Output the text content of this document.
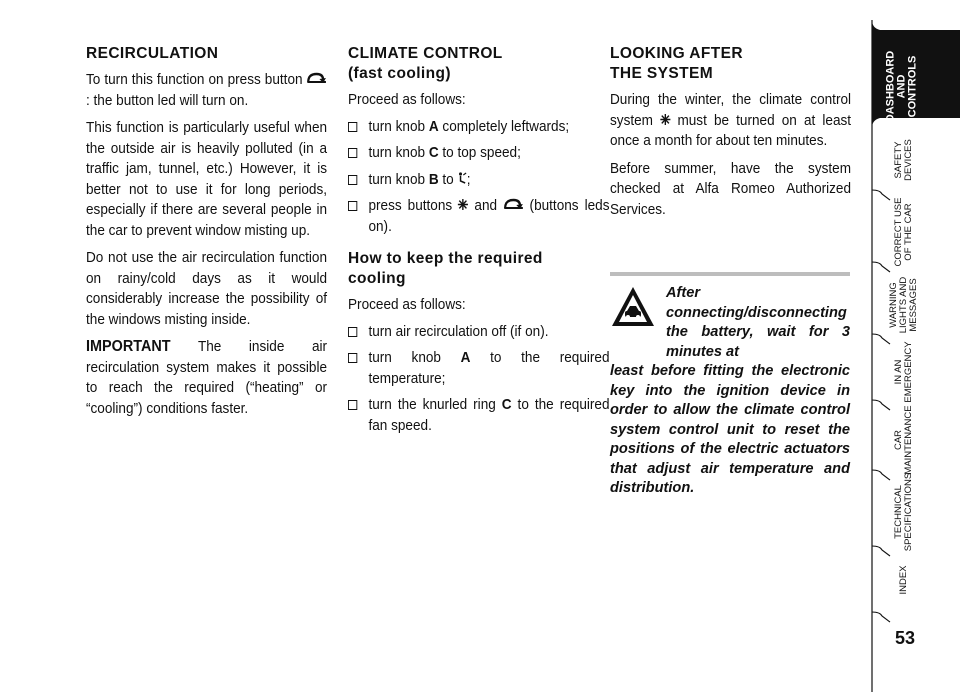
RECIRCULATION

To turn this function on press button : the button led will turn on.

This function is particularly useful when the outside air is heavily polluted (in a traffic jam, tunnel, etc.) However, it is better not to use it for long periods, especially if there are several people in the car to prevent window misting up.

Do not use the air recirculation function on rainy/cold days as it would considerably increase the possibility of the windows misting inside.

IMPORTANT The inside air recirculation system makes it possible to reach the required (“heating” or “cooling”) conditions faster.

CLIMATE CONTROL
(fast cooling)

Proceed as follows:

turn knob A completely leftwards;
turn knob C to top speed;
turn knob B to ;
press buttons  and  (buttons leds on).
How to keep the required
cooling

Proceed as follows:

turn air recirculation off (if on).
turn knob A to the required temperature;
turn the knurled ring C to the required fan speed.
LOOKING AFTER
THE SYSTEM

During the winter, the climate control system  must be turned on at least once a month for about ten minutes.

Before summer, have the system checked at Alfa Romeo Authorized Services.

After connecting/disconnecting the battery, wait for 3 minutes at
least before fitting the electronic key into the ignition device in order to allow the climate control system control unit to reset the positions of the electric actuators that adjust air temperature and distribution.
DASHBOARD AND CONTROLS
SAFETY DEVICES
CORRECT USE OF THE CAR
WARNING LIGHTS AND MESSAGES
IN AN EMERGENCY
CAR MAINTENANCE
TECHNICAL SPECIFICATIONS
INDEX
53
